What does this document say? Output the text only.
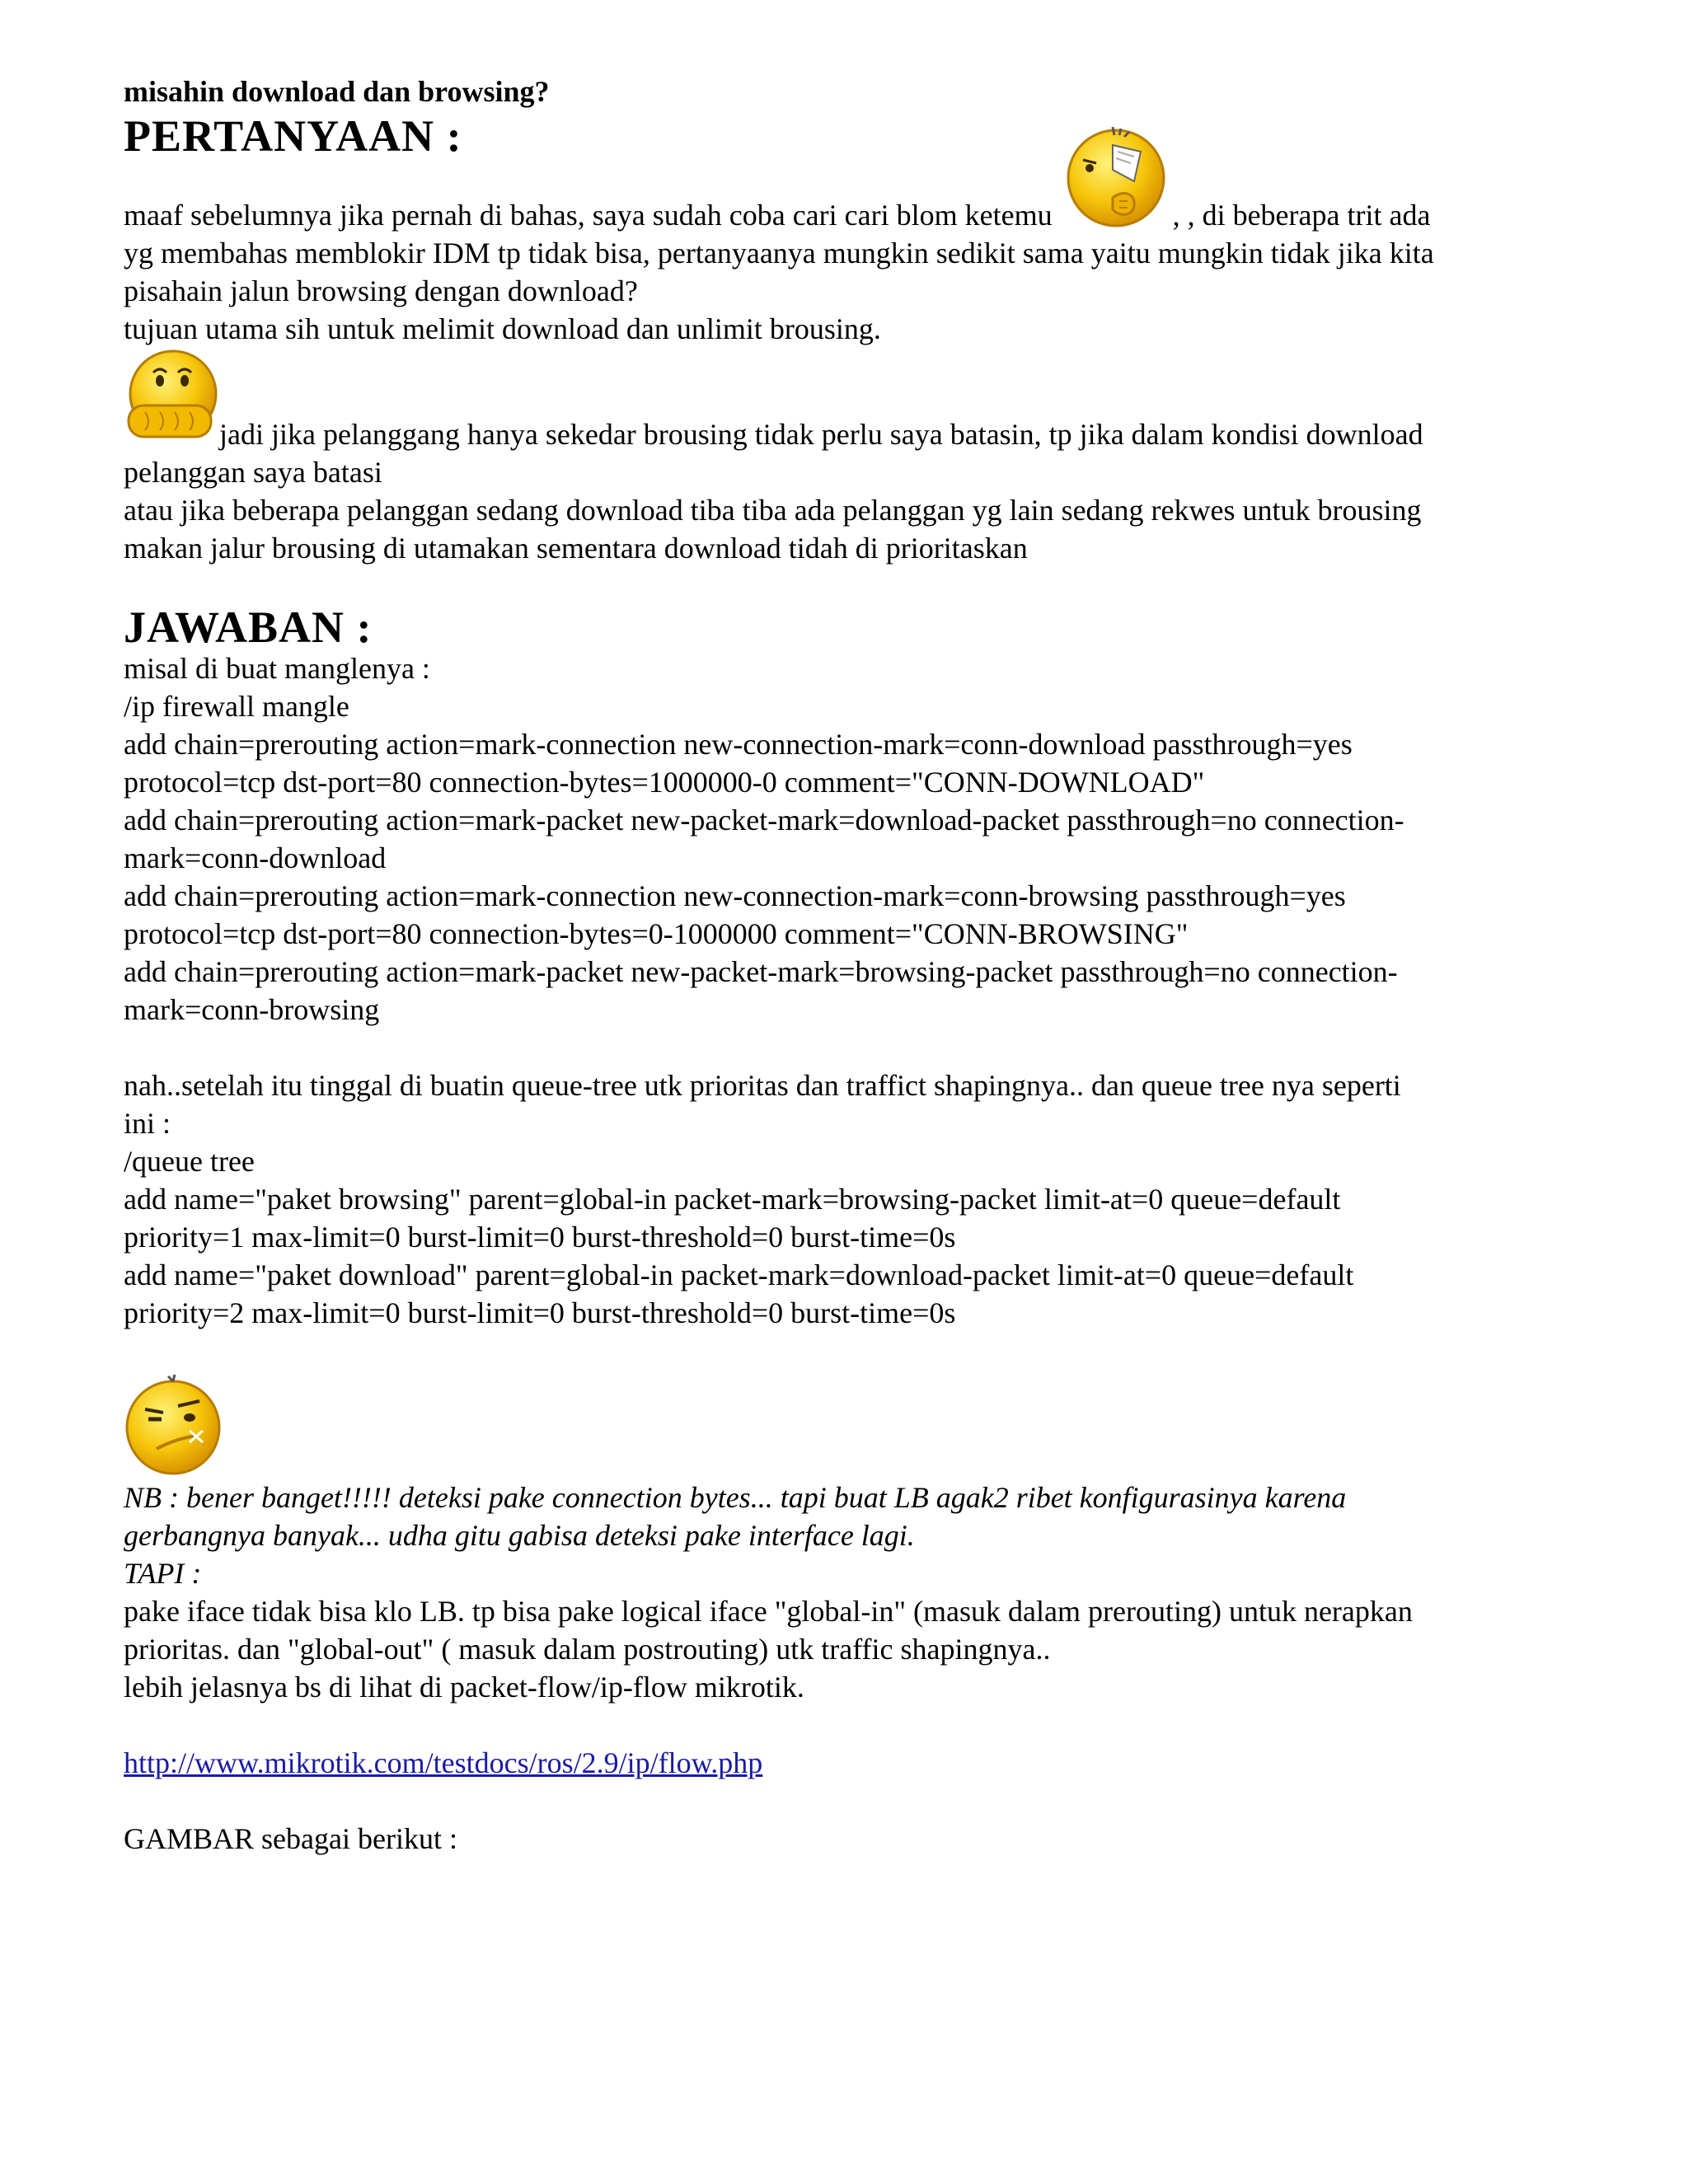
misahin download dan browsing?
PERTANYAAN :
maaf sebelumnya jika pernah di bahas, saya sudah coba cari cari blom ketemu	, , di beberapa trit ada
yg membahas memblokir IDM tp tidak bisa, pertanyaanya mungkin sedikit sama yaitu mungkin tidak jika kita
pisahain jalun browsing dengan download?
tujuan utama sih untuk melimit download dan unlimit brousing.
jadi jika pelanggang hanya sekedar brousing tidak perlu saya batasin, tp jika dalam kondisi download
pelanggan saya batasi
atau jika beberapa pelanggan sedang download tiba tiba ada pelanggan yg lain sedang rekwes untuk brousing
makan jalur brousing di utamakan sementara download tidah di prioritaskan
JAWABAN :
misal di buat manglenya :
/ip firewall mangle
add chain=prerouting action=mark-connection new-connection-mark=conn-download passthrough=yes
protocol=tcp dst-port=80 connection-bytes=1000000-0 comment="CONN-DOWNLOAD"
add chain=prerouting action=mark-packet new-packet-mark=download-packet passthrough=no connection-
mark=conn-download
add chain=prerouting action=mark-connection new-connection-mark=conn-browsing passthrough=yes
protocol=tcp dst-port=80 connection-bytes=0-1000000 comment="CONN-BROWSING"
add chain=prerouting action=mark-packet new-packet-mark=browsing-packet passthrough=no connection-
mark=conn-browsing
nah..setelah itu tinggal di buatin queue-tree utk prioritas dan traffict shapingnya.. dan queue tree nya seperti
ini :
/queue tree
add name="paket browsing" parent=global-in packet-mark=browsing-packet limit-at=0 queue=default
priority=1 max-limit=0 burst-limit=0 burst-threshold=0 burst-time=0s
add name="paket download" parent=global-in packet-mark=download-packet limit-at=0 queue=default
priority=2 max-limit=0 burst-limit=0 burst-threshold=0 burst-time=0s
NB : bener banget!!!!! deteksi pake connection bytes... tapi buat LB agak2 ribet konfigurasinya karena
gerbangnya banyak... udha gitu gabisa deteksi pake interface lagi.
TAPI :
pake iface tidak bisa klo LB. tp bisa pake logical iface "global-in" (masuk dalam prerouting) untuk nerapkan
prioritas. dan "global-out" ( masuk dalam postrouting) utk traffic shapingnya..
lebih jelasnya bs di lihat di packet-flow/ip-flow mikrotik.
http://www.mikrotik.com/testdocs/ros/2.9/ip/flow.php
GAMBAR sebagai berikut :
